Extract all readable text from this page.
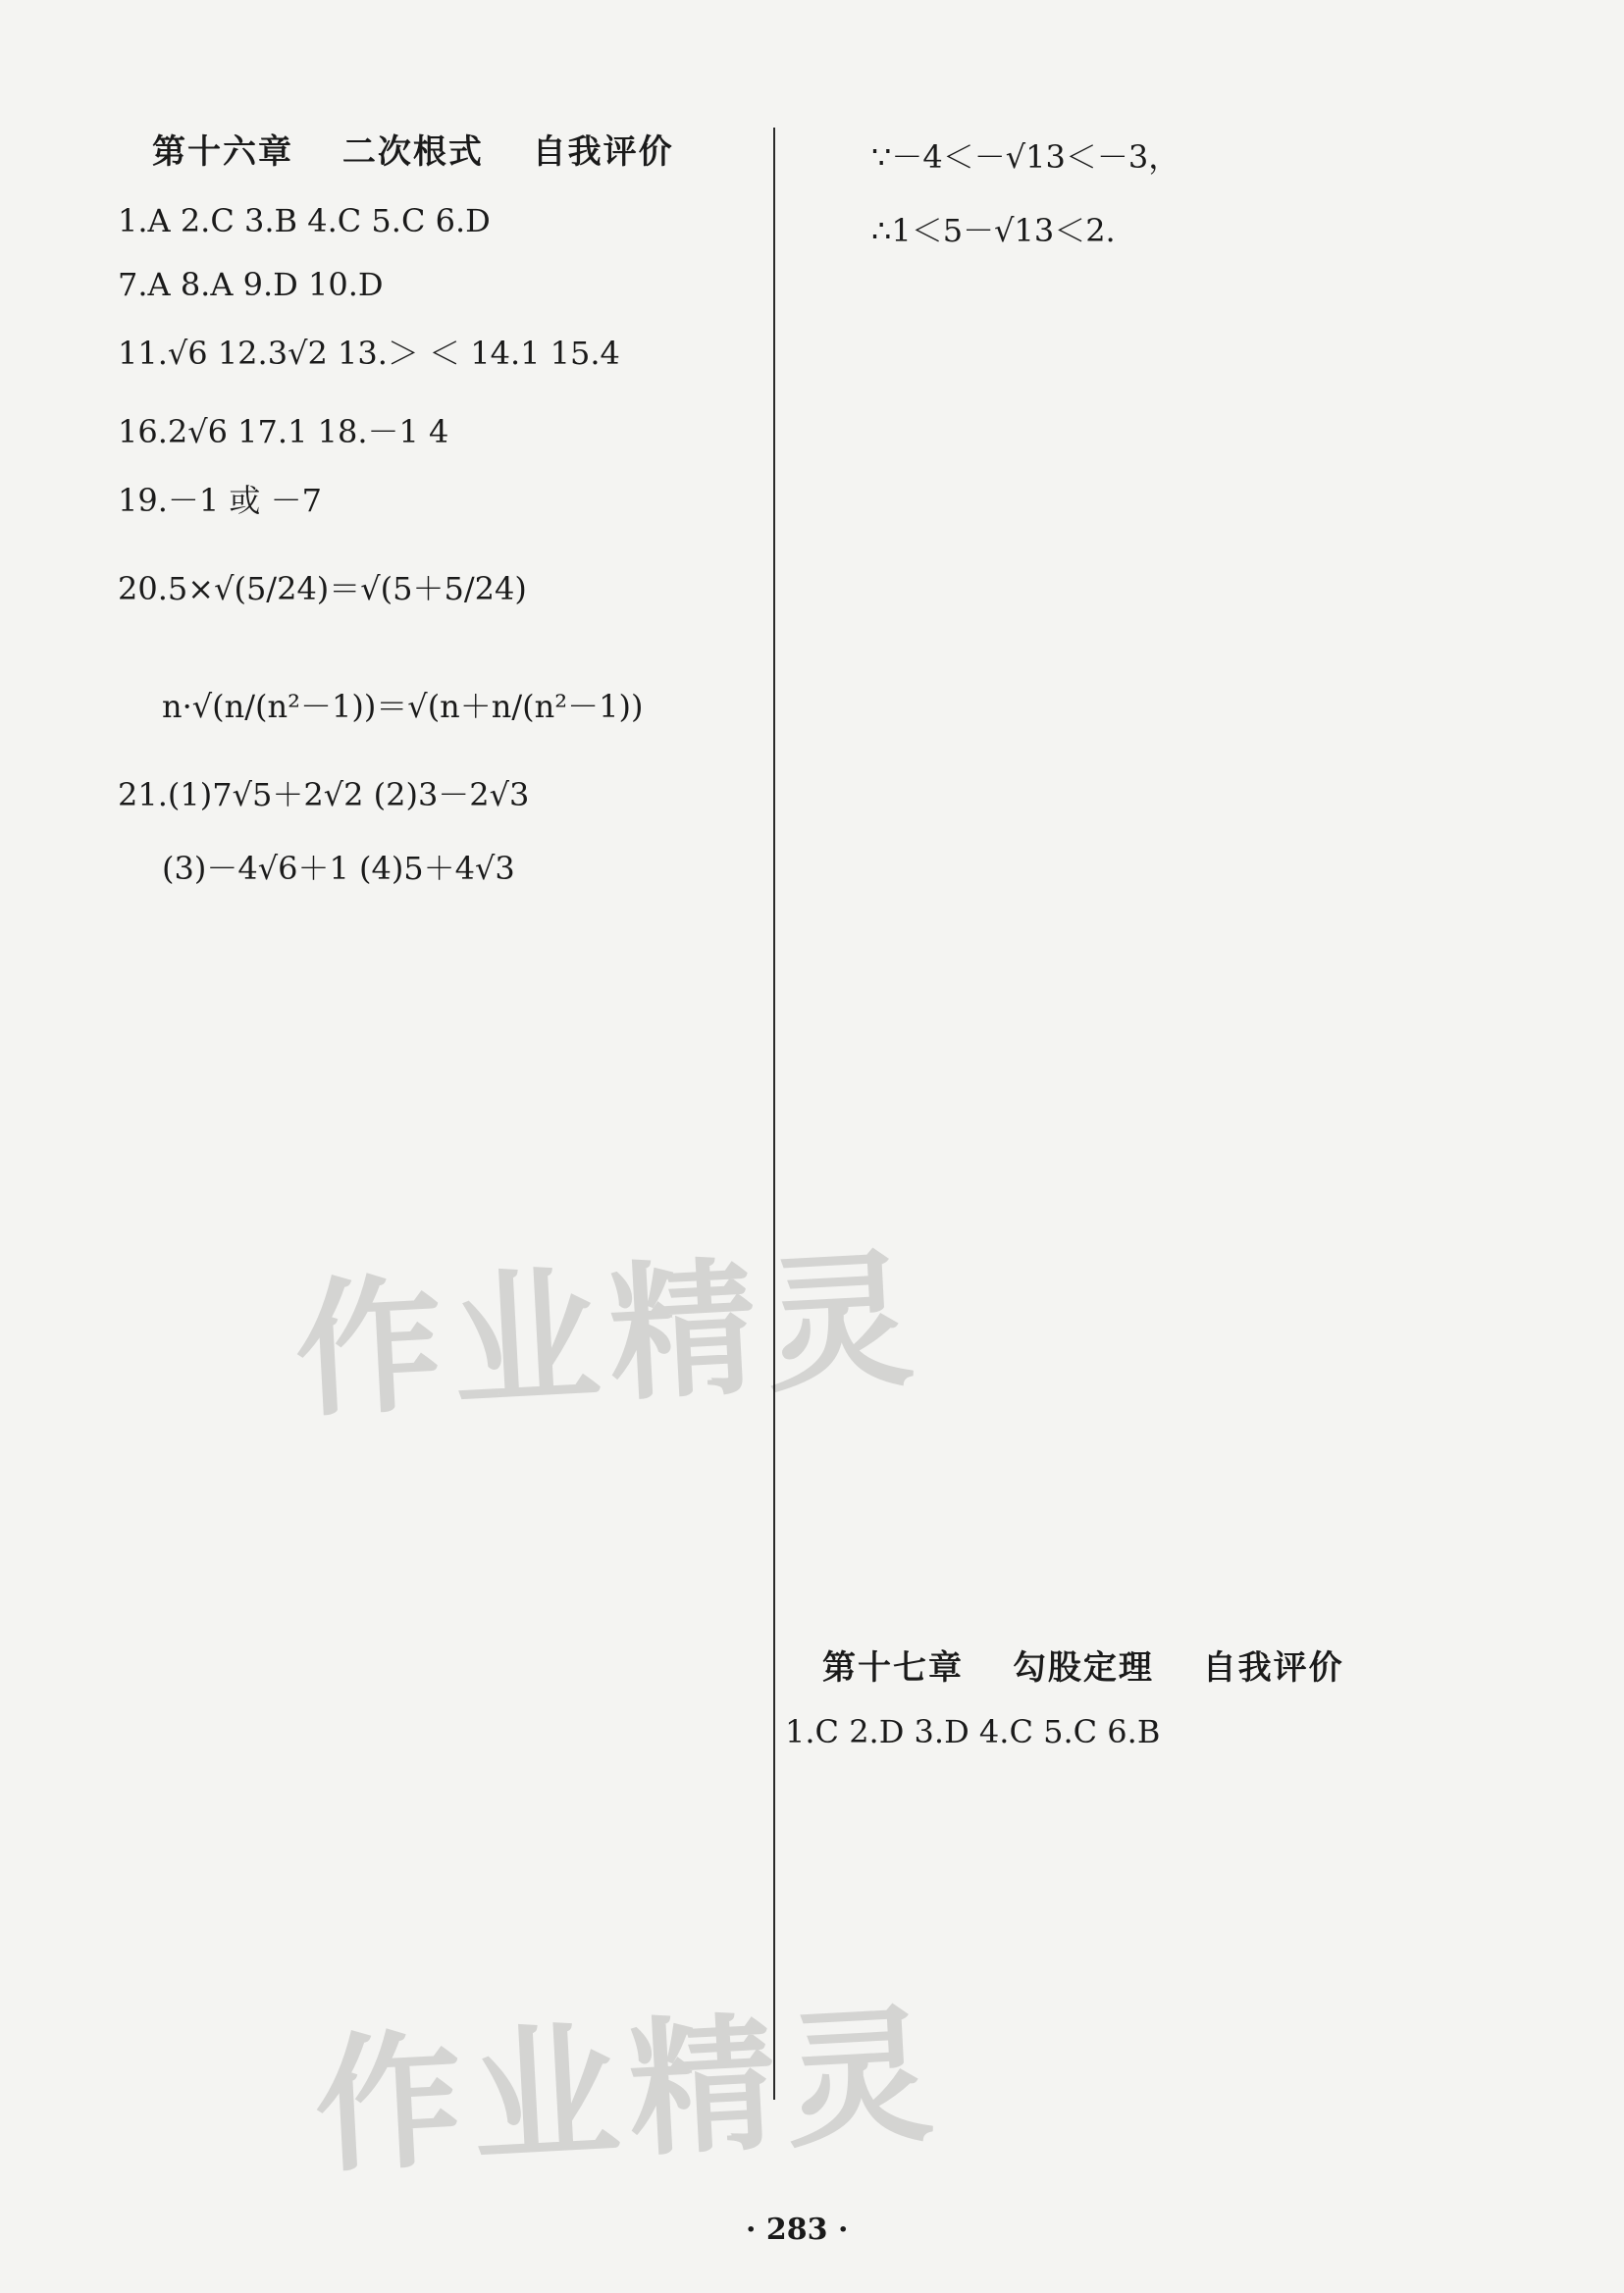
第十六章　 二次根式　 自我评价
1.A 2.C 3.B 4.C 5.C 6.D
7.A 8.A 9.D 10.D
11.√6 12.3√2 13.＞ ＜ 14.1 15.4
16.2√6 17.1 18.－1 4
19.－1 或 －7
20.5×√(5/24)＝√(5＋5/24)
n·√(n/(n²－1))＝√(n＋n/(n²－1))
21.(1)7√5＋2√2 (2)3－2√3
(3)－4√6＋1 (4)5＋4√3
∵－4＜－√13＜－3，
∴1＜5－√13＜2.
第十七章　 勾股定理　 自我评价
1.C 2.D 3.D 4.C 5.C 6.B
· 283 ·
作业精灵
作业精灵
